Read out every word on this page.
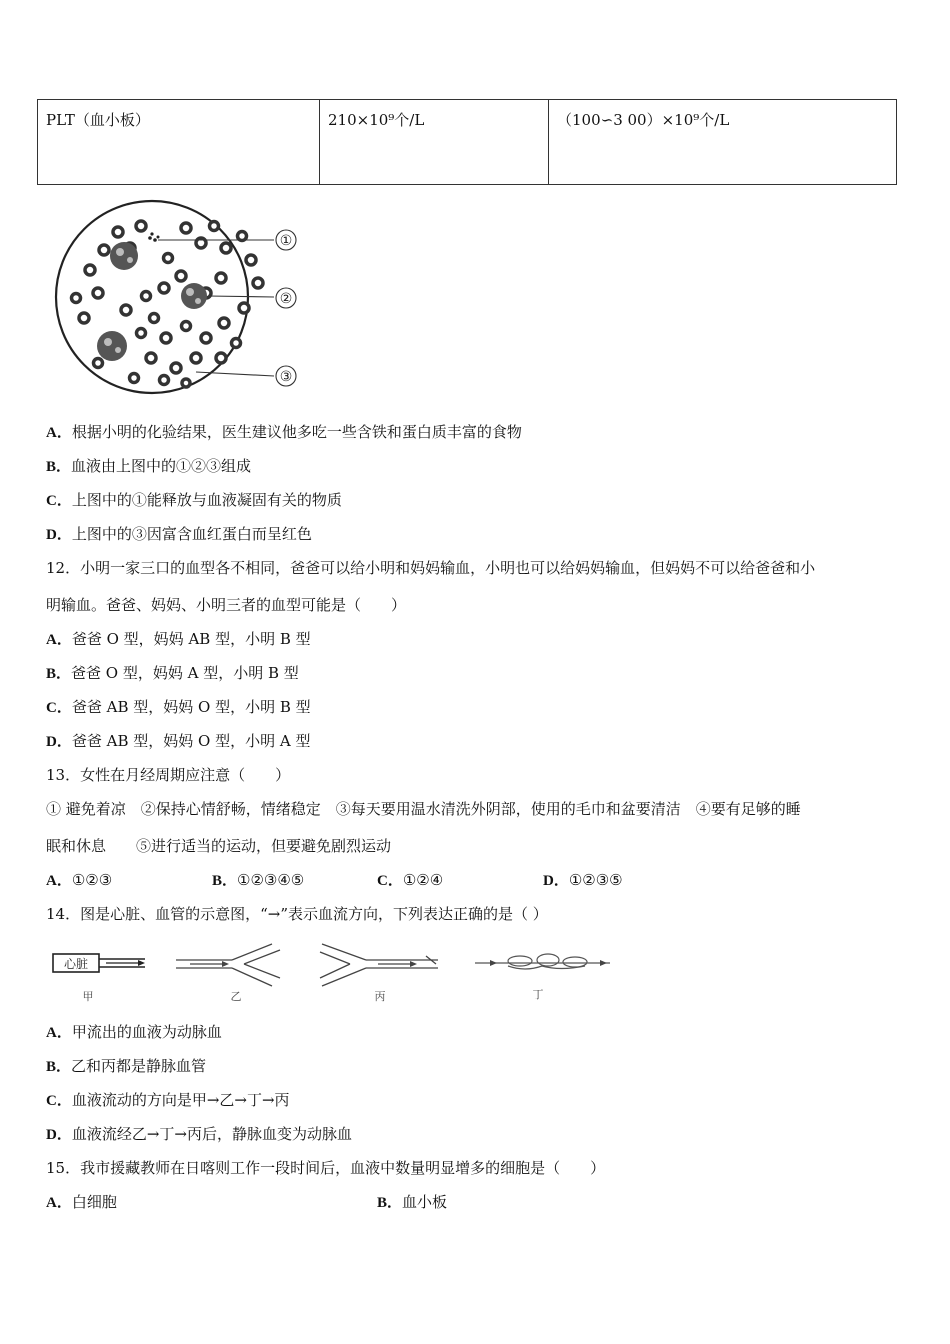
PLT（血小板）	210×10⁹个/L	（100∽3 00）×10⁹个/L
①
②
③
A．根据小明的化验结果，医生建议他多吃一些含铁和蛋白质丰富的食物
B．血液由上图中的①②③组成
C．上图中的①能释放与血液凝固有关的物质
D．上图中的③因富含血红蛋白而呈红色
12．小明一家三口的血型各不相同，爸爸可以给小明和妈妈输血，小明也可以给妈妈输血，但妈妈不可以给爸爸和小
明输血。爸爸、妈妈、小明三者的血型可能是（　　）
A．爸爸 O 型，妈妈 AB 型，小明 B 型
B．爸爸 O 型，妈妈 A 型，小明 B 型
C．爸爸 AB 型，妈妈 O 型，小明 B 型
D．爸爸 AB 型，妈妈 O 型，小明 A 型
13．女性在月经周期应注意（　　）
① 避免着凉　②保持心情舒畅，情绪稳定　③每天要用温水清洗外阴部，使用的毛巾和盆要清洁　④要有足够的睡
眠和休息　　⑤进行适当的运动，但要避免剧烈运动
A．①②③	B．①②③④⑤	C．①②④	D．①②③⑤
14．图是心脏、血管的示意图，“→”表示血流方向，下列表达正确的是（ ）
心脏
甲	乙	丙	丁
A．甲流出的血液为动脉血
B．乙和丙都是静脉血管
C．血液流动的方向是甲→乙→丁→丙
D．血液流经乙→丁→丙后，静脉血变为动脉血
15．我市援藏教师在日喀则工作一段时间后，血液中数量明显增多的细胞是（　　）
A．白细胞	B．血小板
